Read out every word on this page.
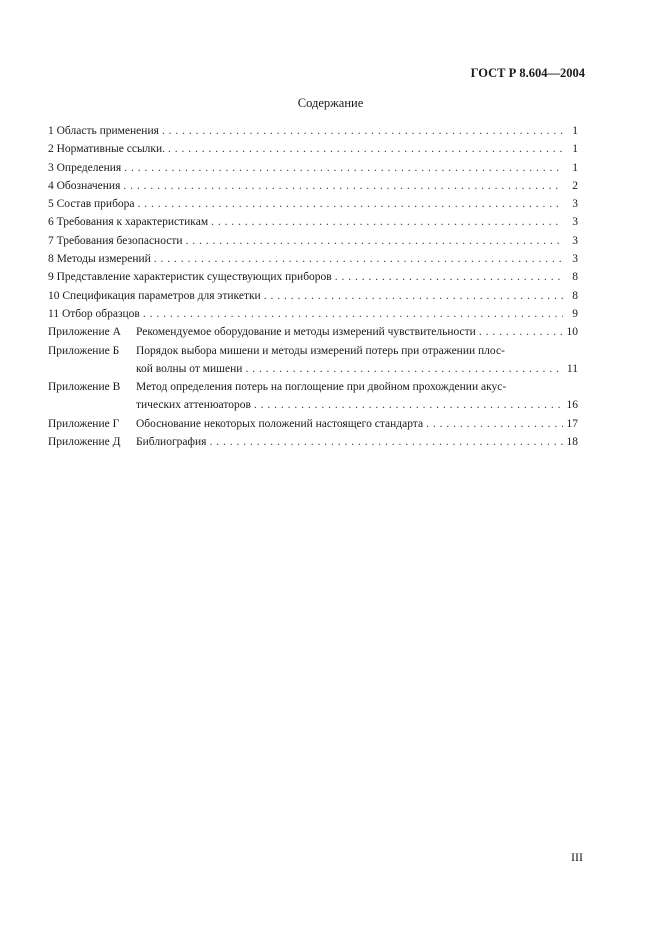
ГОСТ Р 8.604—2004
Содержание
1 Область применения . . .	1
2 Нормативные ссылки. . . .	1
3 Определения . . .	1
4 Обозначения . . .	2
5 Состав прибора . . .	3
6 Требования к характеристикам . . .	3
7 Требования безопасности . . .	3
8 Методы измерений . . .	3
9 Представление характеристик существующих приборов . . .	8
10 Спецификация параметров для этикетки . . .	8
11 Отбор образцов . . .	9
Приложение А	Рекомендуемое оборудование и методы измерений чувствительности . . .	10
Приложение Б	Порядок выбора мишени и методы измерений потерь при отражении плос-
кой волны от мишени . . .	11
Приложение В	Метод определения потерь на поглощение при двойном прохождении акус-
тических аттенюаторов . . .	16
Приложение Г	Обоснование некоторых положений настоящего стандарта . . .	17
Приложение Д	Библиография . . .	18
III
